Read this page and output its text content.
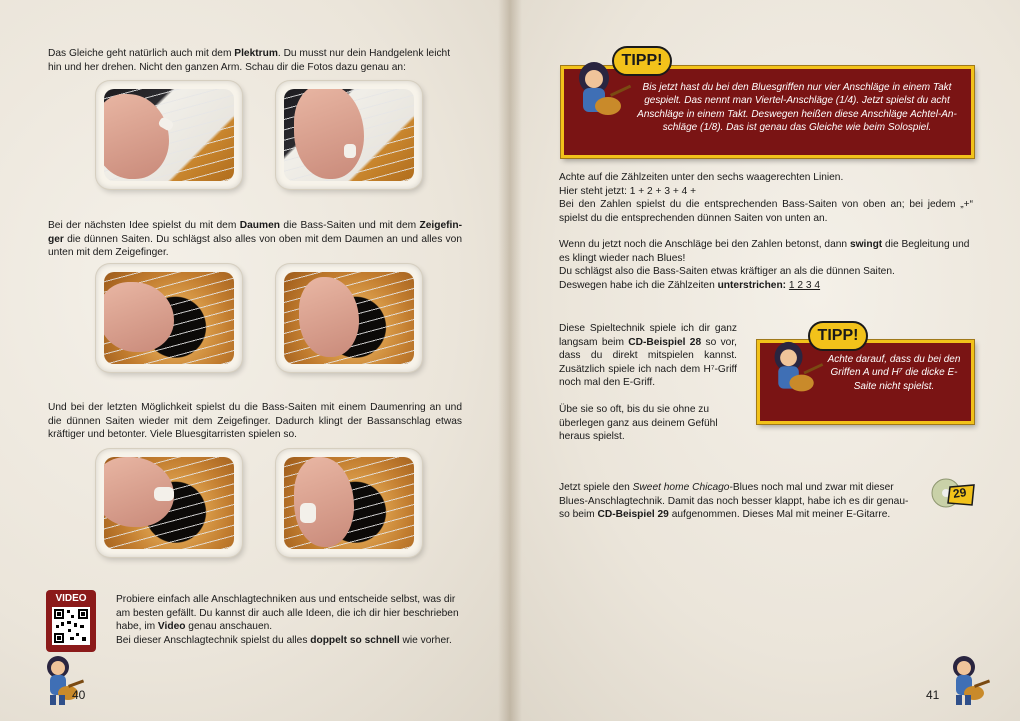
Das Gleiche geht natürlich auch mit dem Plektrum. Du musst nur dein Handgelenk leicht hin und her drehen. Nicht den ganzen Arm. Schau dir die Fotos dazu genau an:

Bei der nächsten Idee spielst du mit dem Daumen die Bass-Saiten und mit dem Zeigefin-ger die dünnen Saiten. Du schlägst also alles von oben mit dem Daumen an und alles von unten mit dem Zeigefinger.

Und bei der letzten Möglichkeit spielst du die Bass-Saiten mit einem Daumenring an und die dünnen Saiten wieder mit dem Zeigefinger. Dadurch klingt der Bassanschlag etwas kräftiger und betonter. Viele Bluesgitarristen spielen so.

VIDEO	Probiere einfach alle Anschlagtechniken aus und entscheide selbst, was dir am besten gefällt. Du kannst dir auch alle Ideen, die ich dir hier beschrieben habe, im Video genau anschauen.

Bei dieser Anschlagtechnik spielst du alles doppelt so schnell wie vorher.

40
Bis jetzt hast du bei den Bluesgriffen nur vier Anschläge in einem Takt gespielt. Das nennt man Viertel-Anschläge (1/4). Jetzt spielst du acht Anschläge in einem Takt. Deswegen heißen diese Anschläge Achtel-An-schläge (1/8). Das ist genau das Gleiche wie beim Solospiel.
TIPP!

Achte auf die Zählzeiten unter den sechs waagerechten Linien.

Hier steht jetzt: 1 + 2 + 3 + 4 +

Bei den Zahlen spielst du die entsprechenden Bass-Saiten von oben an; bei jedem „+“ spielst du die entsprechenden dünnen Saiten von unten an.

Wenn du jetzt noch die Anschläge bei den Zahlen betonst, dann swingt die Begleitung und es klingt wieder nach Blues!

Du schlägst also die Bass-Saiten etwas kräftiger an als die dünnen Saiten.

Deswegen habe ich die Zählzeiten unterstrichen: 1 2 3 4

Diese Spieltechnik spiele ich dir ganz langsam beim CD-Beispiel 28 so vor, dass du direkt mitspielen kannst. Zusätzlich spiele ich nach dem H⁷-Griff noch mal den E-Griff.

Übe sie so oft, bis du sie ohne zu überlegen ganz aus deinem Gefühl heraus spielst.

Achte darauf, dass du bei den Griffen A und H⁷ die dicke E-Saite nicht spielst.
TIPP!

Jetzt spiele den Sweet home Chicago-Blues noch mal und zwar mit dieser Blues-Anschlagtechnik. Damit das noch besser klappt, habe ich es dir genau-so beim CD-Beispiel 29 aufgenommen. Dieses Mal mit meiner E-Gitarre.

29
41
